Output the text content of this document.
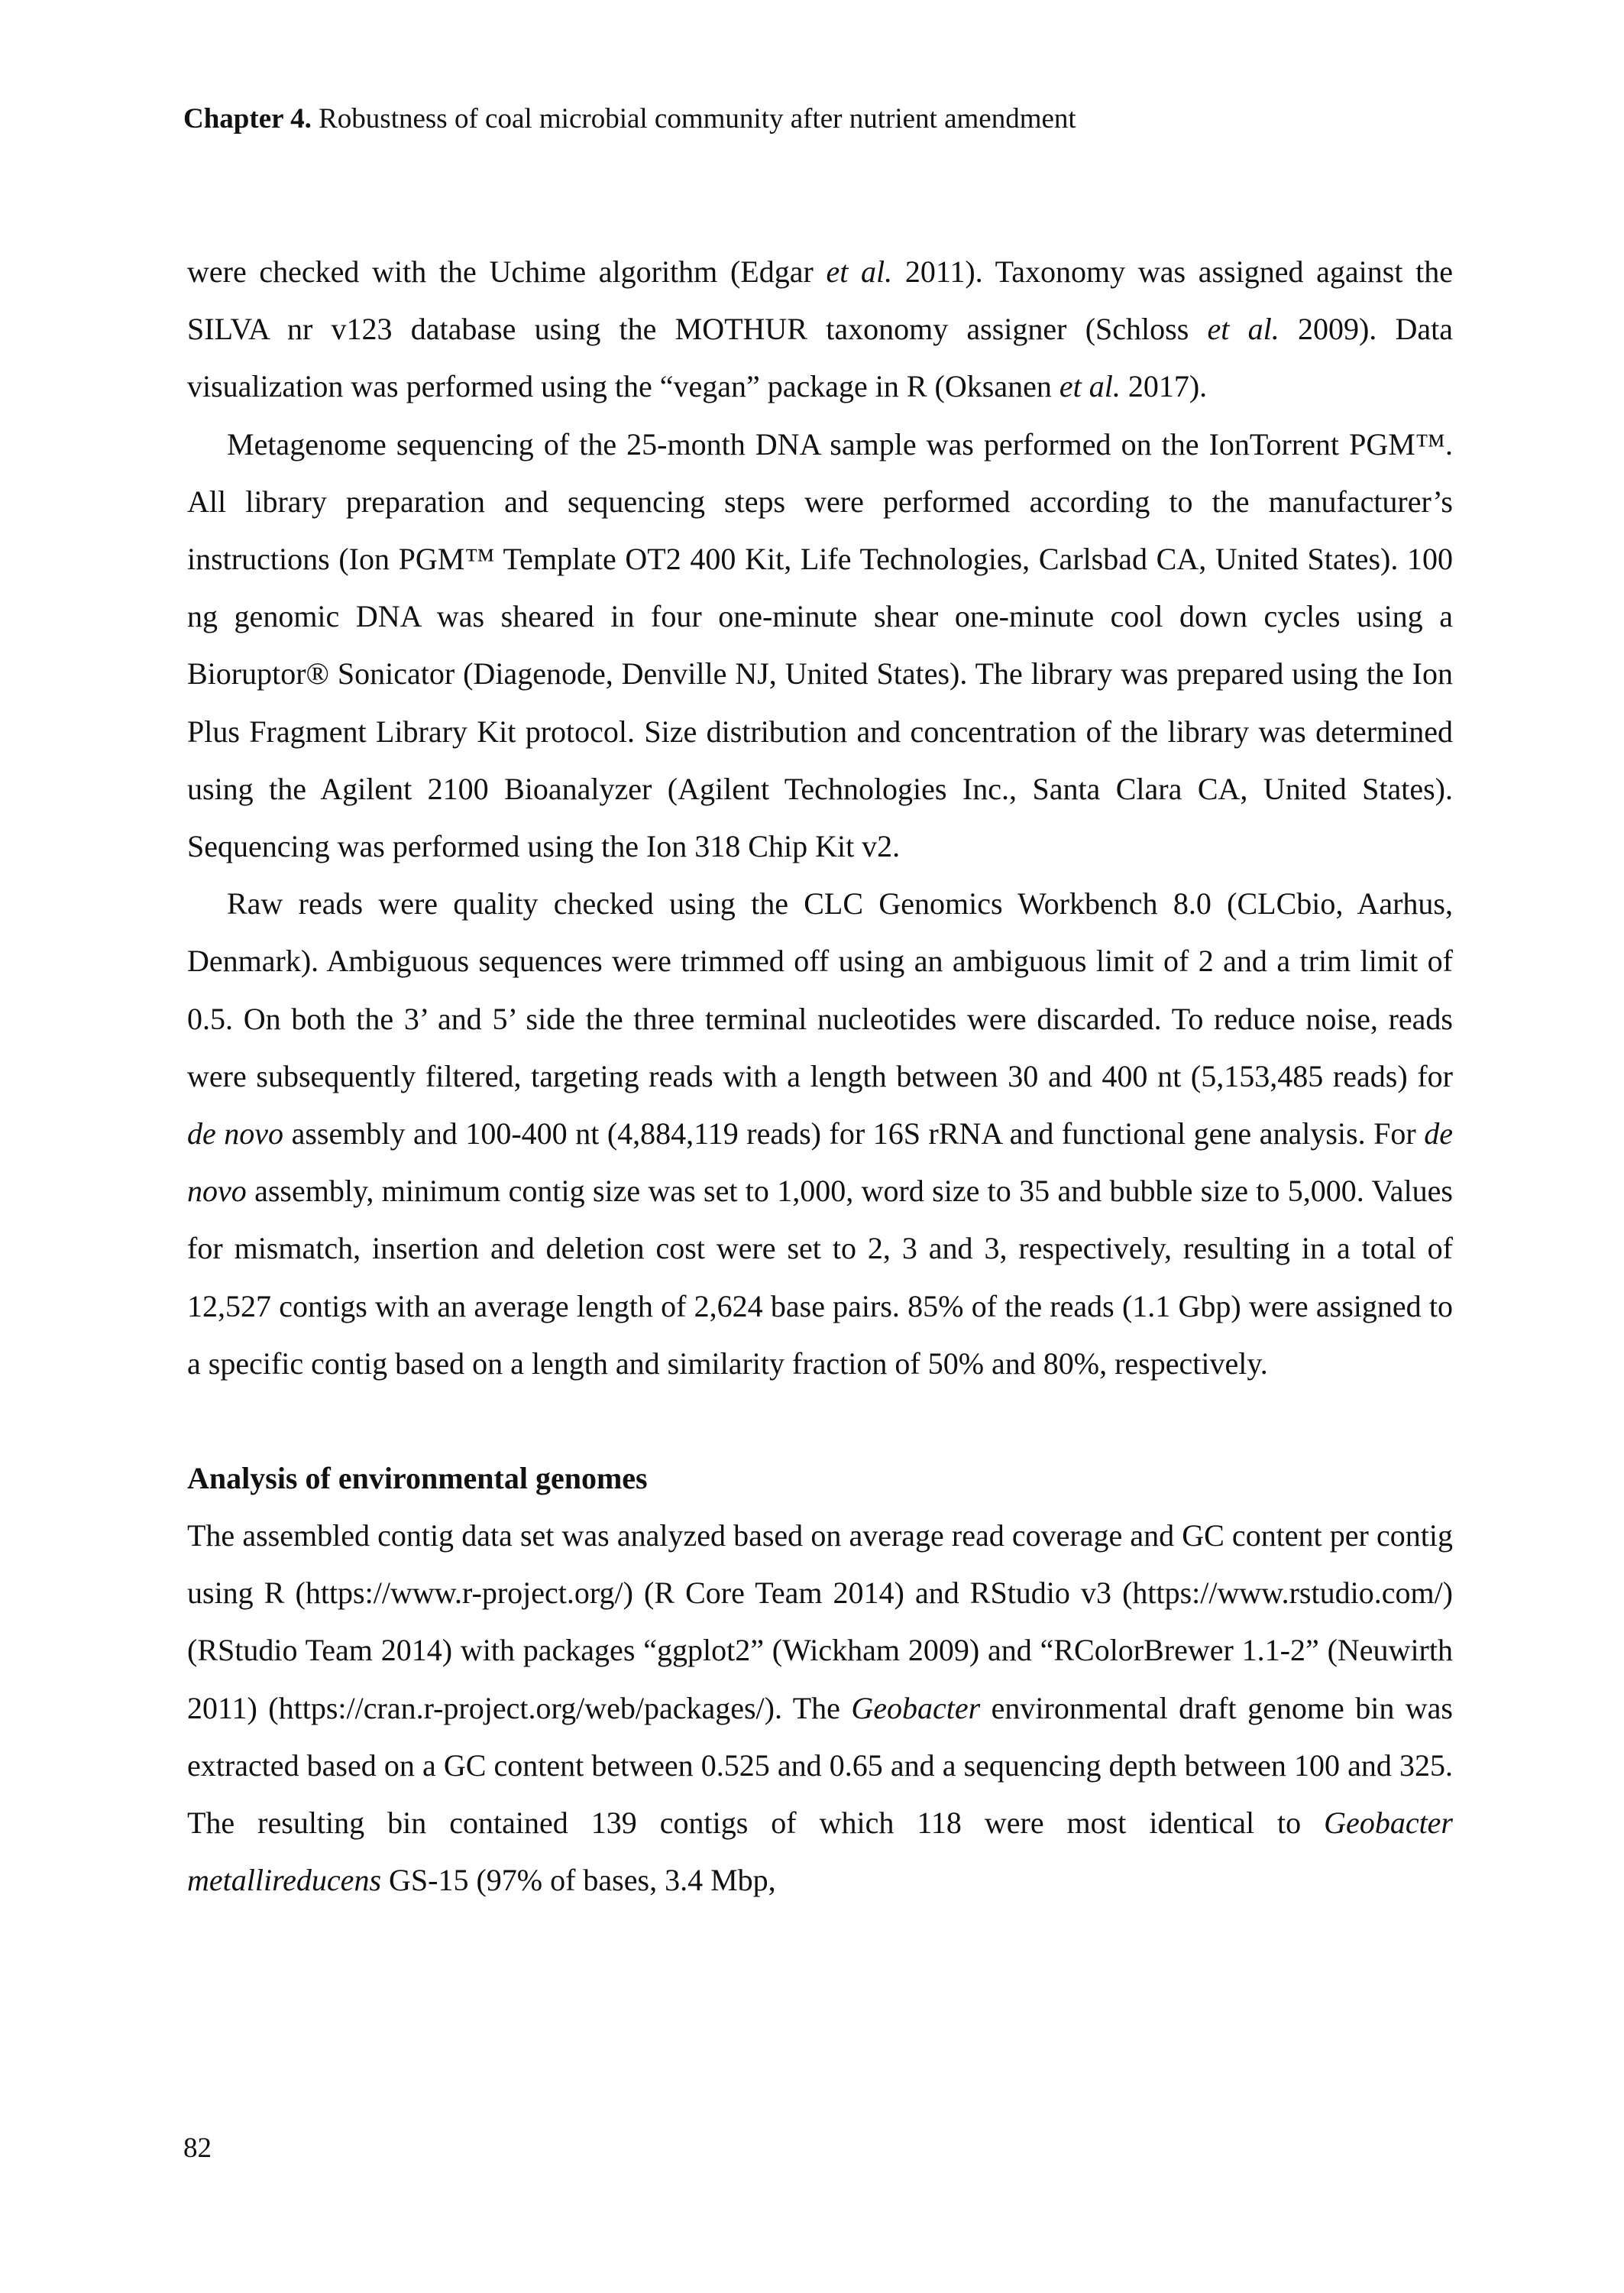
Chapter 4. Robustness of coal microbial community after nutrient amendment

were checked with the Uchime algorithm (Edgar et al. 2011). Taxonomy was assigned against the SILVA nr v123 database using the MOTHUR taxonomy assigner (Schloss et al. 2009). Data visualization was performed using the “vegan” package in R (Oksanen et al. 2017).

Metagenome sequencing of the 25-month DNA sample was performed on the IonTorrent PGM™. All library preparation and sequencing steps were performed according to the manufacturer’s instructions (Ion PGM™ Template OT2 400 Kit, Life Technologies, Carlsbad CA, United States). 100 ng genomic DNA was sheared in four one-minute shear one-minute cool down cycles using a Bioruptor® Sonicator (Diagenode, Denville NJ, United States). The library was prepared using the Ion Plus Fragment Library Kit protocol. Size distribution and concentration of the library was determined using the Agilent 2100 Bioanalyzer (Agilent Technologies Inc., Santa Clara CA, United States). Sequencing was performed using the Ion 318 Chip Kit v2.

Raw reads were quality checked using the CLC Genomics Workbench 8.0 (CLCbio, Aarhus, Denmark). Ambiguous sequences were trimmed off using an ambiguous limit of 2 and a trim limit of 0.5. On both the 3’ and 5’ side the three terminal nucleotides were discarded. To reduce noise, reads were subsequently filtered, targeting reads with a length between 30 and 400 nt (5,153,485 reads) for de novo assembly and 100-400 nt (4,884,119 reads) for 16S rRNA and functional gene analysis. For de novo assembly, minimum contig size was set to 1,000, word size to 35 and bubble size to 5,000. Values for mismatch, insertion and deletion cost were set to 2, 3 and 3, respectively, resulting in a total of 12,527 contigs with an average length of 2,624 base pairs. 85% of the reads (1.1 Gbp) were assigned to a specific contig based on a length and similarity fraction of 50% and 80%, respectively.

Analysis of environmental genomes

The assembled contig data set was analyzed based on average read coverage and GC content per contig using R (https://www.r-project.org/) (R Core Team 2014) and RStudio v3 (https://www.rstudio.com/) (RStudio Team 2014) with packages “ggplot2” (Wickham 2009) and “RColorBrewer 1.1-2” (Neuwirth 2011) (https://cran.r-project.org/web/packages/). The Geobacter environmental draft genome bin was extracted based on a GC content between 0.525 and 0.65 and a sequencing depth between 100 and 325. The resulting bin contained 139 contigs of which 118 were most identical to Geobacter metallireducens GS-15 (97% of bases, 3.4 Mbp,

82
